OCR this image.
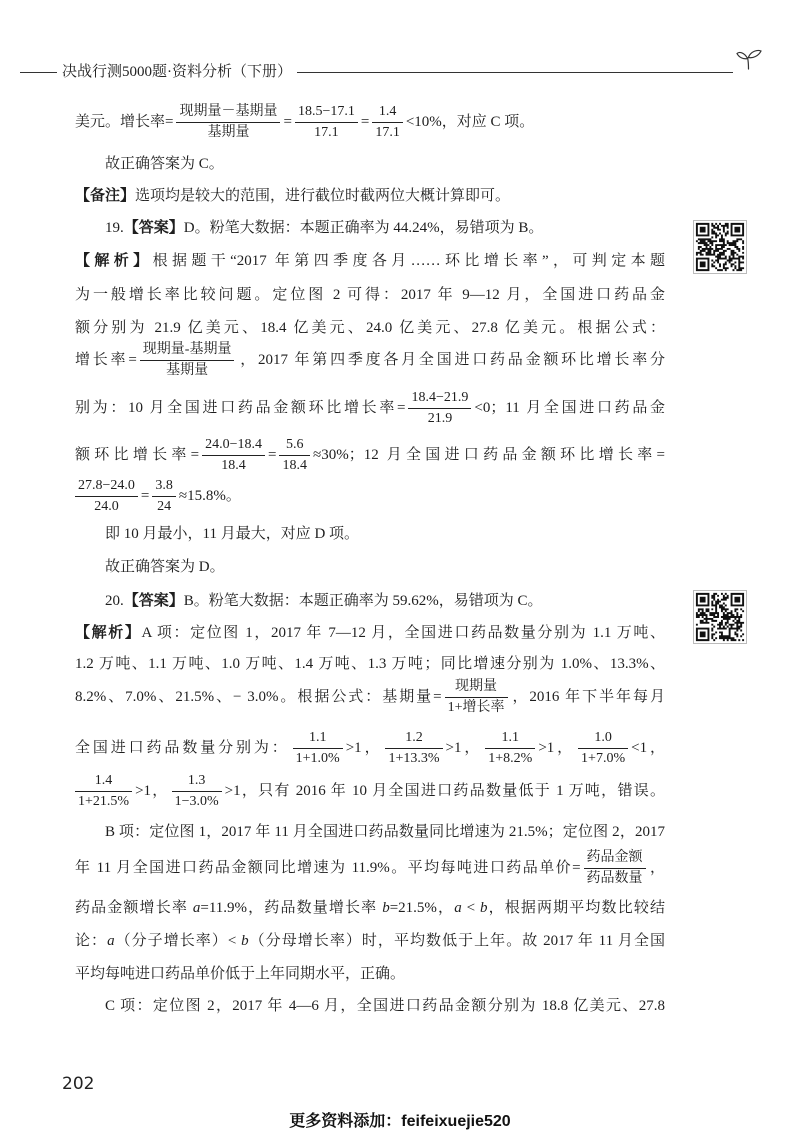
决战行测5000题·资料分析（下册）
美元。增长率=
现期量－基期量
基期量
= $\frac{18.5-17.1}{17.1} = \frac{1.4}{17.1} <10\%$，对应 C 项。
故正确答案为 C。
【备注】选项均是较大的范围，进行截位时截两位大概计算即可。
19.【答案】D。粉笔大数据：本题正确率为 44.24%，易错项为 B。
【解析】根据题干“2017 年第四季度各月……环比增长率”，可判定本题
为一般增长率比较问题。定位图 2 可得：2017 年 9—12 月，全国进口药品金
额分别为 21.9 亿美元、18.4 亿美元、24.0 亿美元、27.8 亿美元。根据公式：
增长率=
现期量-基期量
基期量
，2017 年第四季度各月全国进口药品金额环比增长率分
别为：10 月全国进口药品金额环比增长率= $\frac{18.4-21.9}{21.9} <0$；11 月全国进口药品金
额环比增长率= $\frac{24.0-18.4}{18.4} = \frac{5.6}{18.4} \approx 30\%$；12 月全国进口药品金额环比增长率=
$\frac{27.8-24.0}{24.0} = \frac{3.8}{24} \approx 15.8\%$。
即 10 月最小，11 月最大，对应 D 项。
故正确答案为 D。
20.【答案】B。粉笔大数据：本题正确率为 59.62%，易错项为 C。
【解析】A 项：定位图 1，2017 年 7—12 月，全国进口药品数量分别为 1.1 万吨、
1.2 万吨、1.1 万吨、1.0 万吨、1.4 万吨、1.3 万吨；同比增速分别为 1.0%、13.3%、
8.2%、7.0%、21.5%、− 3.0%。根据公式：基期量=
现期量
1+增长率
，2016 年下半年每月
全国进口药品数量分别为： $\frac{1.1}{1+1.0\%} >1$， $\frac{1.2}{1+13.3\%} >1$， $\frac{1.1}{1+8.2\%} >1$， $\frac{1.0}{1+7.0\%} <1$，
$\frac{1.4}{1+21.5\%} >1$， $\frac{1.3}{1-3.0\%} >1$，只有 2016 年 10 月全国进口药品数量低于 1 万吨，错误。
B 项：定位图 1，2017 年 11 月全国进口药品数量同比增速为 21.5%；定位图 2，2017
年 11 月全国进口药品金额同比增速为 11.9%。平均每吨进口药品单价=
药品金额
药品数量
，
药品金额增长率 a=11.9%，药品数量增长率 b=21.5%，a < b，根据两期平均数比较结
论：a（分子增长率）< b（分母增长率）时，平均数低于上年。故 2017 年 11 月全国
平均每吨进口药品单价低于上年同期水平，正确。
C 项：定位图 2，2017 年 4—6 月，全国进口药品金额分别为 18.8 亿美元、27.8
202
更多资料添加：feifeixuejie520
